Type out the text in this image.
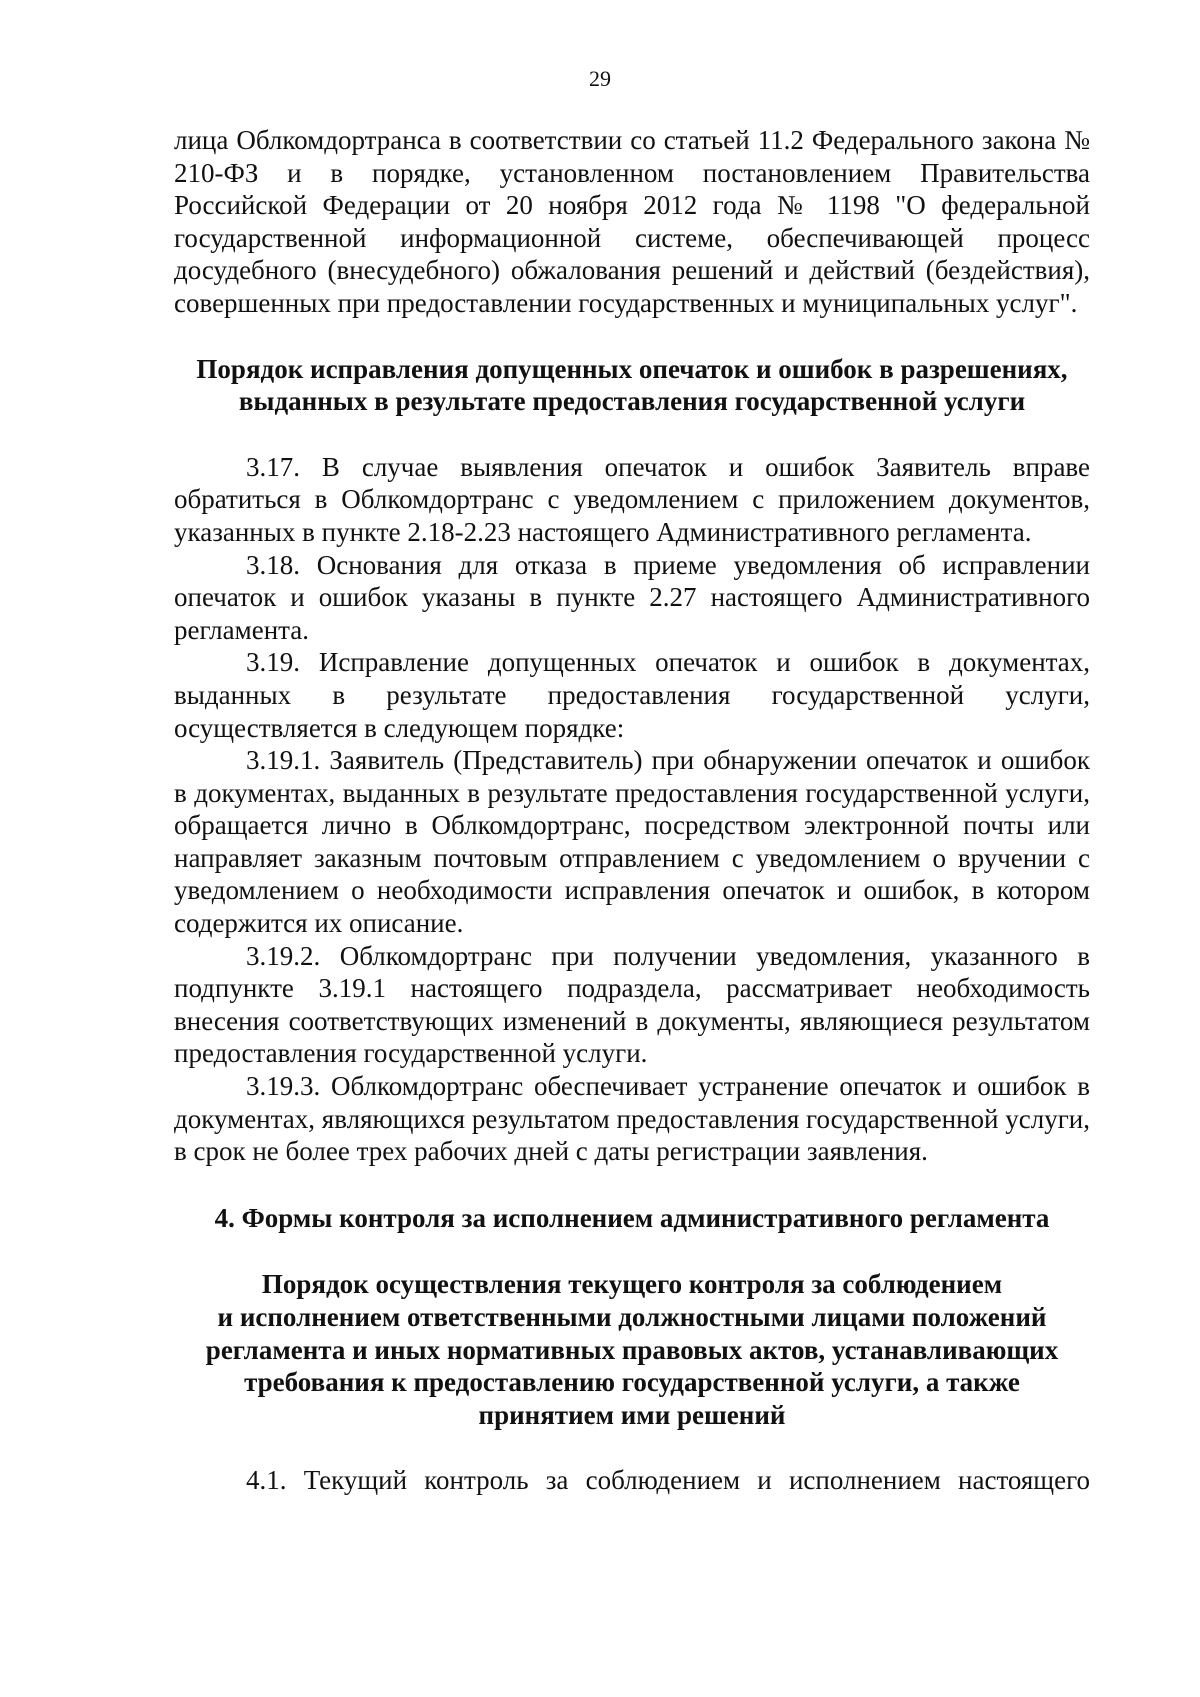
29

лица Облкомдортранса в соответствии со статьей 11.2 Федерального закона № 210-ФЗ и в порядке, установленном постановлением Правительства Российской Федерации от 20 ноября 2012 года № 1198 "О федеральной государственной информационной системе, обеспечивающей процесс досудебного (внесудебного) обжалования решений и действий (бездействия), совершенных при предоставлении государственных и муниципальных услуг".

Порядок исправления допущенных опечаток и ошибок в разрешениях,

выданных в результате предоставления государственной услуги

3.17. В случае выявления опечаток и ошибок Заявитель вправе обратиться в Облкомдортранс с уведомлением с приложением документов, указанных в пункте 2.18-2.23 настоящего Административного регламента.

3.18. Основания для отказа в приеме уведомления об исправлении опечаток и ошибок указаны в пункте 2.27 настоящего Административного регламента.

3.19. Исправление допущенных опечаток и ошибок в документах, выданных в результате предоставления государственной услуги, осуществляется в следующем порядке:

3.19.1. Заявитель (Представитель) при обнаружении опечаток и ошибок в документах, выданных в результате предоставления государственной услуги, обращается лично в Облкомдортранс, посредством электронной почты или направляет заказным почтовым отправлением с уведомлением о вручении с уведомлением о необходимости исправления опечаток и ошибок, в котором содержится их описание.

3.19.2. Облкомдортранс при получении уведомления, указанного в подпункте 3.19.1 настоящего подраздела, рассматривает необходимость внесения соответствующих изменений в документы, являющиеся результатом предоставления государственной услуги.

3.19.3. Облкомдортранс обеспечивает устранение опечаток и ошибок в документах, являющихся результатом предоставления государственной услуги, в срок не более трех рабочих дней с даты регистрации заявления.

4. Формы контроля за исполнением административного регламента

Порядок осуществления текущего контроля за соблюдением

и исполнением ответственными должностными лицами положений

регламента и иных нормативных правовых актов, устанавливающих

требования к предоставлению государственной услуги, а также

принятием ими решений

4.1. Текущий контроль за соблюдением и исполнением настоящего
